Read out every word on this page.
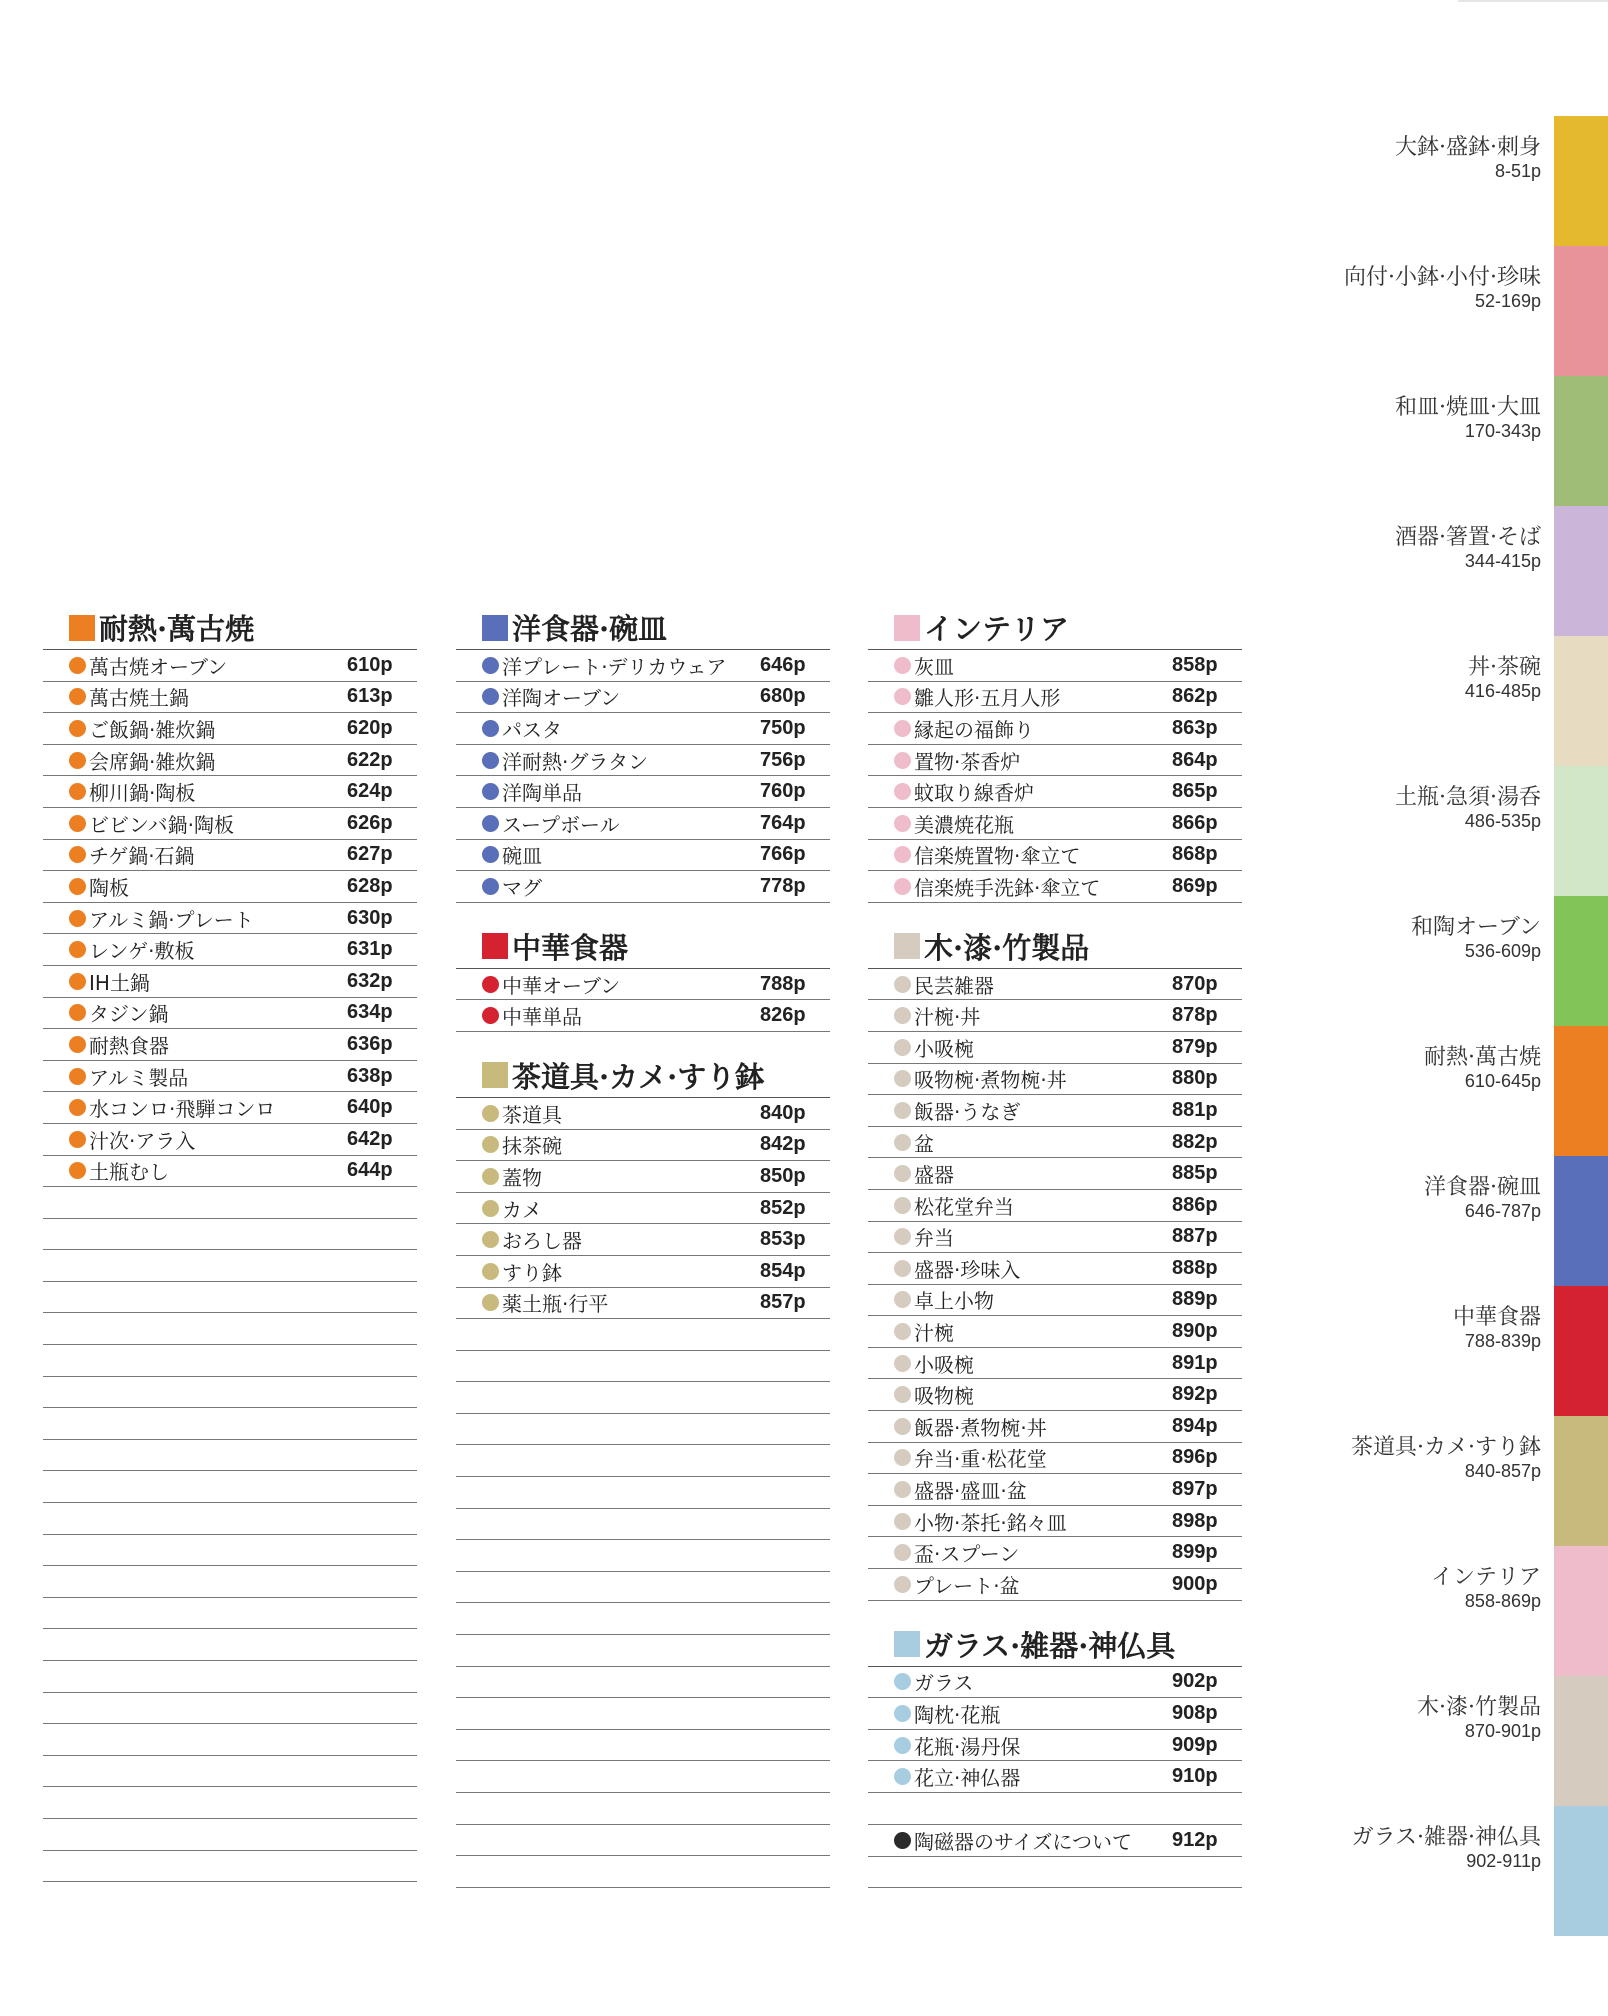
耐熱·萬古焼
萬古焼オーブン	610p
萬古焼土鍋	613p
ご飯鍋·雑炊鍋	620p
会席鍋·雑炊鍋	622p
柳川鍋·陶板	624p
ビビンバ鍋·陶板	626p
チゲ鍋·石鍋	627p
陶板	628p
アルミ鍋·プレート	630p
レンゲ·敷板	631p
IH土鍋	632p
タジン鍋	634p
耐熱食器	636p
アルミ製品	638p
水コンロ·飛騨コンロ	640p
汁次·アラ入	642p
土瓶むし	644p
洋食器·碗皿
洋プレート·デリカウェア	646p
洋陶オーブン	680p
パスタ	750p
洋耐熱·グラタン	756p
洋陶単品	760p
スープボール	764p
碗皿	766p
マグ	778p
中華食器
中華オーブン	788p
中華単品	826p
茶道具·カメ·すり鉢
茶道具	840p
抹茶碗	842p
蓋物	850p
カメ	852p
おろし器	853p
すり鉢	854p
薬土瓶·行平	857p
インテリア
灰皿	858p
雛人形·五月人形	862p
縁起の福飾り	863p
置物·茶香炉	864p
蚊取り線香炉	865p
美濃焼花瓶	866p
信楽焼置物·傘立て	868p
信楽焼手洗鉢·傘立て	869p
木·漆·竹製品
民芸雑器	870p
汁椀·丼	878p
小吸椀	879p
吸物椀·煮物椀·丼	880p
飯器·うなぎ	881p
盆	882p
盛器	885p
松花堂弁当	886p
弁当	887p
盛器·珍味入	888p
卓上小物	889p
汁椀	890p
小吸椀	891p
吸物椀	892p
飯器·煮物椀·丼	894p
弁当·重·松花堂	896p
盛器·盛皿·盆	897p
小物·茶托·銘々皿	898p
盃·スプーン	899p
プレート·盆	900p
ガラス·雑器·神仏具
ガラス	902p
陶枕·花瓶	908p
花瓶·湯丹保	909p
花立·神仏器	910p
陶磁器のサイズについて	912p
大鉢·盛鉢·刺身
8-51p
向付·小鉢·小付·珍味
52-169p
和皿·焼皿·大皿
170-343p
酒器·箸置·そば
344-415p
丼·茶碗
416-485p
土瓶·急須·湯呑
486-535p
和陶オーブン
536-609p
耐熱·萬古焼
610-645p
洋食器·碗皿
646-787p
中華食器
788-839p
茶道具·カメ·すり鉢
840-857p
インテリア
858-869p
木·漆·竹製品
870-901p
ガラス·雑器·神仏具
902-911p
